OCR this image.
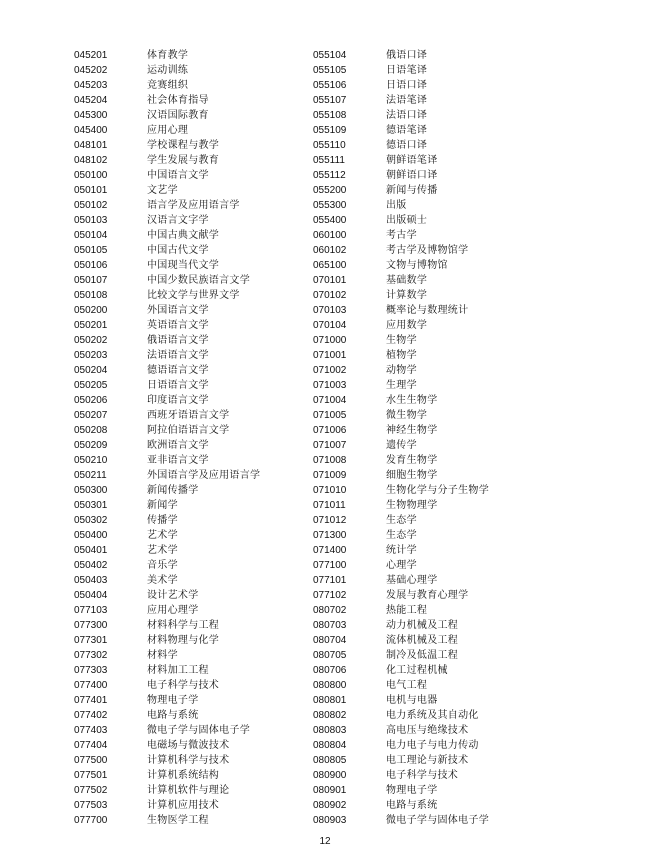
045201	体育教学
045202	运动训练
045203	竞赛组织
045204	社会体育指导
045300	汉语国际教育
045400	应用心理
048101	学校课程与教学
048102	学生发展与教育
050100	中国语言文学
050101	文艺学
050102	语言学及应用语言学
050103	汉语言文字学
050104	中国古典文献学
050105	中国古代文学
050106	中国现当代文学
050107	中国少数民族语言文学
050108	比较文学与世界文学
050200	外国语言文学
050201	英语语言文学
050202	俄语语言文学
050203	法语语言文学
050204	德语语言文学
050205	日语语言文学
050206	印度语言文学
050207	西班牙语语言文学
050208	阿拉伯语语言文学
050209	欧洲语言文学
050210	亚非语言文学
050211	外国语言学及应用语言学
050300	新闻传播学
050301	新闻学
050302	传播学
050400	艺术学
050401	艺术学
050402	音乐学
050403	美术学
050404	设计艺术学
077103	应用心理学
077300	材料科学与工程
077301	材料物理与化学
077302	材料学
077303	材料加工工程
077400	电子科学与技术
077401	物理电子学
077402	电路与系统
077403	微电子学与固体电子学
077404	电磁场与微波技术
077500	计算机科学与技术
077501	计算机系统结构
077502	计算机软件与理论
077503	计算机应用技术
077700	生物医学工程
055104	俄语口译
055105	日语笔译
055106	日语口译
055107	法语笔译
055108	法语口译
055109	德语笔译
055110	德语口译
055111	朝鲜语笔译
055112	朝鲜语口译
055200	新闻与传播
055300	出版
055400	出版硕士
060100	考古学
060102	考古学及博物馆学
065100	文物与博物馆
070101	基础数学
070102	计算数学
070103	概率论与数理统计
070104	应用数学
071000	生物学
071001	植物学
071002	动物学
071003	生理学
071004	水生生物学
071005	微生物学
071006	神经生物学
071007	遗传学
071008	发育生物学
071009	细胞生物学
071010	生物化学与分子生物学
071011	生物物理学
071012	生态学
071300	生态学
071400	统计学
077100	心理学
077101	基础心理学
077102	发展与教育心理学
080702	热能工程
080703	动力机械及工程
080704	流体机械及工程
080705	制冷及低温工程
080706	化工过程机械
080800	电气工程
080801	电机与电器
080802	电力系统及其自动化
080803	高电压与绝缘技术
080804	电力电子与电力传动
080805	电工理论与新技术
080900	电子科学与技术
080901	物理电子学
080902	电路与系统
080903	微电子学与固体电子学
12
